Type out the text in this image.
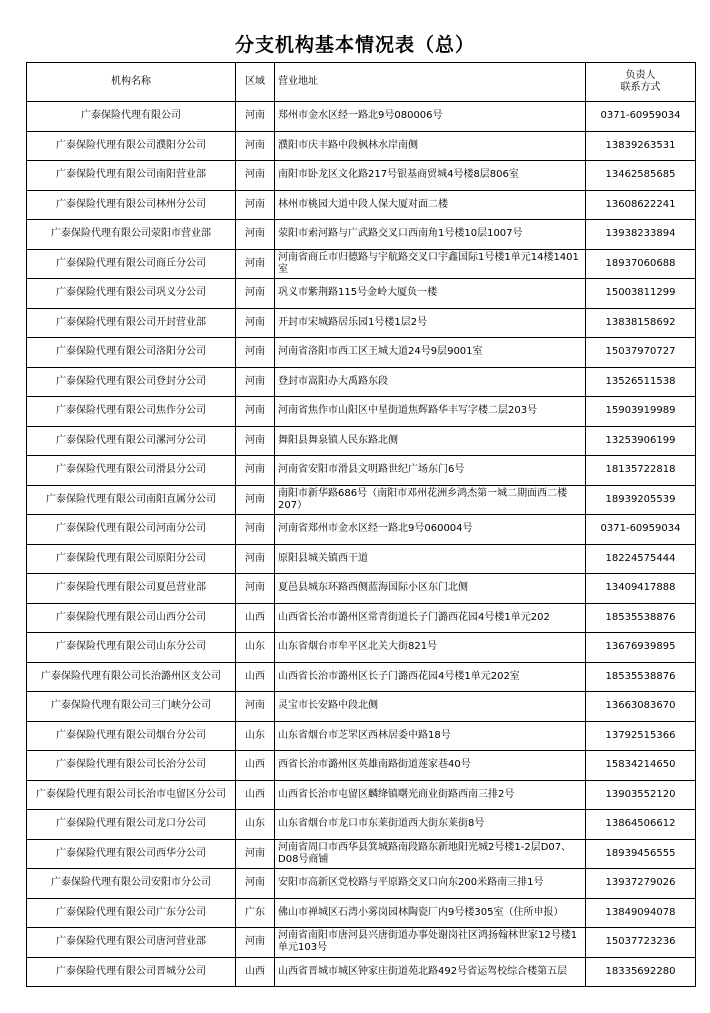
分支机构基本情况表（总）
机构名称	区域	营业地址	负责人
联系方式

广泰保险代理有限公司	河南	郑州市金水区经一路北9号080006号	0371-60959034
广泰保险代理有限公司濮阳分公司	河南	濮阳市庆丰路中段枫林水岸南侧	13839263531
广泰保险代理有限公司南阳营业部	河南	南阳市卧龙区文化路217号银基商贸城4号楼8层806室	13462585685
广泰保险代理有限公司林州分公司	河南	林州市桃园大道中段人保大厦对面二楼	13608622241
广泰保险代理有限公司荥阳市营业部	河南	荥阳市索河路与广武路交叉口西南角1号楼10层1007号	13938233894
广泰保险代理有限公司商丘分公司	河南	河南省商丘市归德路与宇航路交叉口宇鑫国际1号楼1单元14楼1401室	18937060688
广泰保险代理有限公司巩义分公司	河南	巩义市紫荆路115号金岭大厦负一楼	15003811299
广泰保险代理有限公司开封营业部	河南	开封市宋城路居乐园1号楼1层2号	13838158692
广泰保险代理有限公司洛阳分公司	河南	河南省洛阳市西工区王城大道24号9层9001室	15037970727
广泰保险代理有限公司登封分公司	河南	登封市嵩阳办大禹路东段	13526511538
广泰保险代理有限公司焦作分公司	河南	河南省焦作市山阳区中星街道焦辉路华丰写字楼二层203号	15903919989
广泰保险代理有限公司漯河分公司	河南	舞阳县舞泉镇人民东路北侧	13253906199
广泰保险代理有限公司滑县分公司	河南	河南省安阳市滑县文明路世纪广场东门6号	18135722818
广泰保险代理有限公司南阳直属分公司	河南	南阳市新华路686号（南阳市邓州花洲乡鸿杰第一城二期面西二楼207）	18939205539
广泰保险代理有限公司河南分公司	河南	河南省郑州市金水区经一路北9号060004号	0371-60959034
广泰保险代理有限公司原阳分公司	河南	原阳县城关镇西干道	18224575444
广泰保险代理有限公司夏邑营业部	河南	夏邑县城东环路西侧蓝海国际小区东门北侧	13409417888
广泰保险代理有限公司山西分公司	山西	山西省长治市潞州区常青街道长子门潞西花园4号楼1单元202	18535538876
广泰保险代理有限公司山东分公司	山东	山东省烟台市牟平区北关大街821号	13676939895
广泰保险代理有限公司长治潞州区支公司	山西	山西省长治市潞州区长子门潞西花园4号楼1单元202室	18535538876
广泰保险代理有限公司三门峡分公司	河南	灵宝市长安路中段北侧	13663083670
广泰保险代理有限公司烟台分公司	山东	山东省烟台市芝罘区西林居委中路18号	13792515366
广泰保险代理有限公司长治分公司	山西	西省长治市潞州区英雄南路街道莲家巷40号	15834214650
广泰保险代理有限公司长治市屯留区分公司	山西	山西省长治市屯留区麟绛镇曙光商业街路西南三排2号	13903552120
广泰保险代理有限公司龙口分公司	山东	山东省烟台市龙口市东莱街道西大街东莱街8号	13864506612
广泰保险代理有限公司西华分公司	河南	河南省周口市西华县箕城路南段路东新地阳光城2号楼1-2层D07、D08号商铺	18939456555
广泰保险代理有限公司安阳市分公司	河南	安阳市高新区党校路与平原路交叉口向东200米路南三排1号	13937279026
广泰保险代理有限公司广东分公司	广东	佛山市禅城区石湾小雾岗园林陶瓷厂内9号楼305室（住所申报）	13849094078
广泰保险代理有限公司唐河营业部	河南	河南省南阳市唐河县兴唐街道办事处谢岗社区鸿扬翰林世家12号楼1单元103号	15037723236
广泰保险代理有限公司晋城分公司	山西	山西省晋城市城区钟家庄街道苑北路492号省运驾校综合楼第五层	18335692280
